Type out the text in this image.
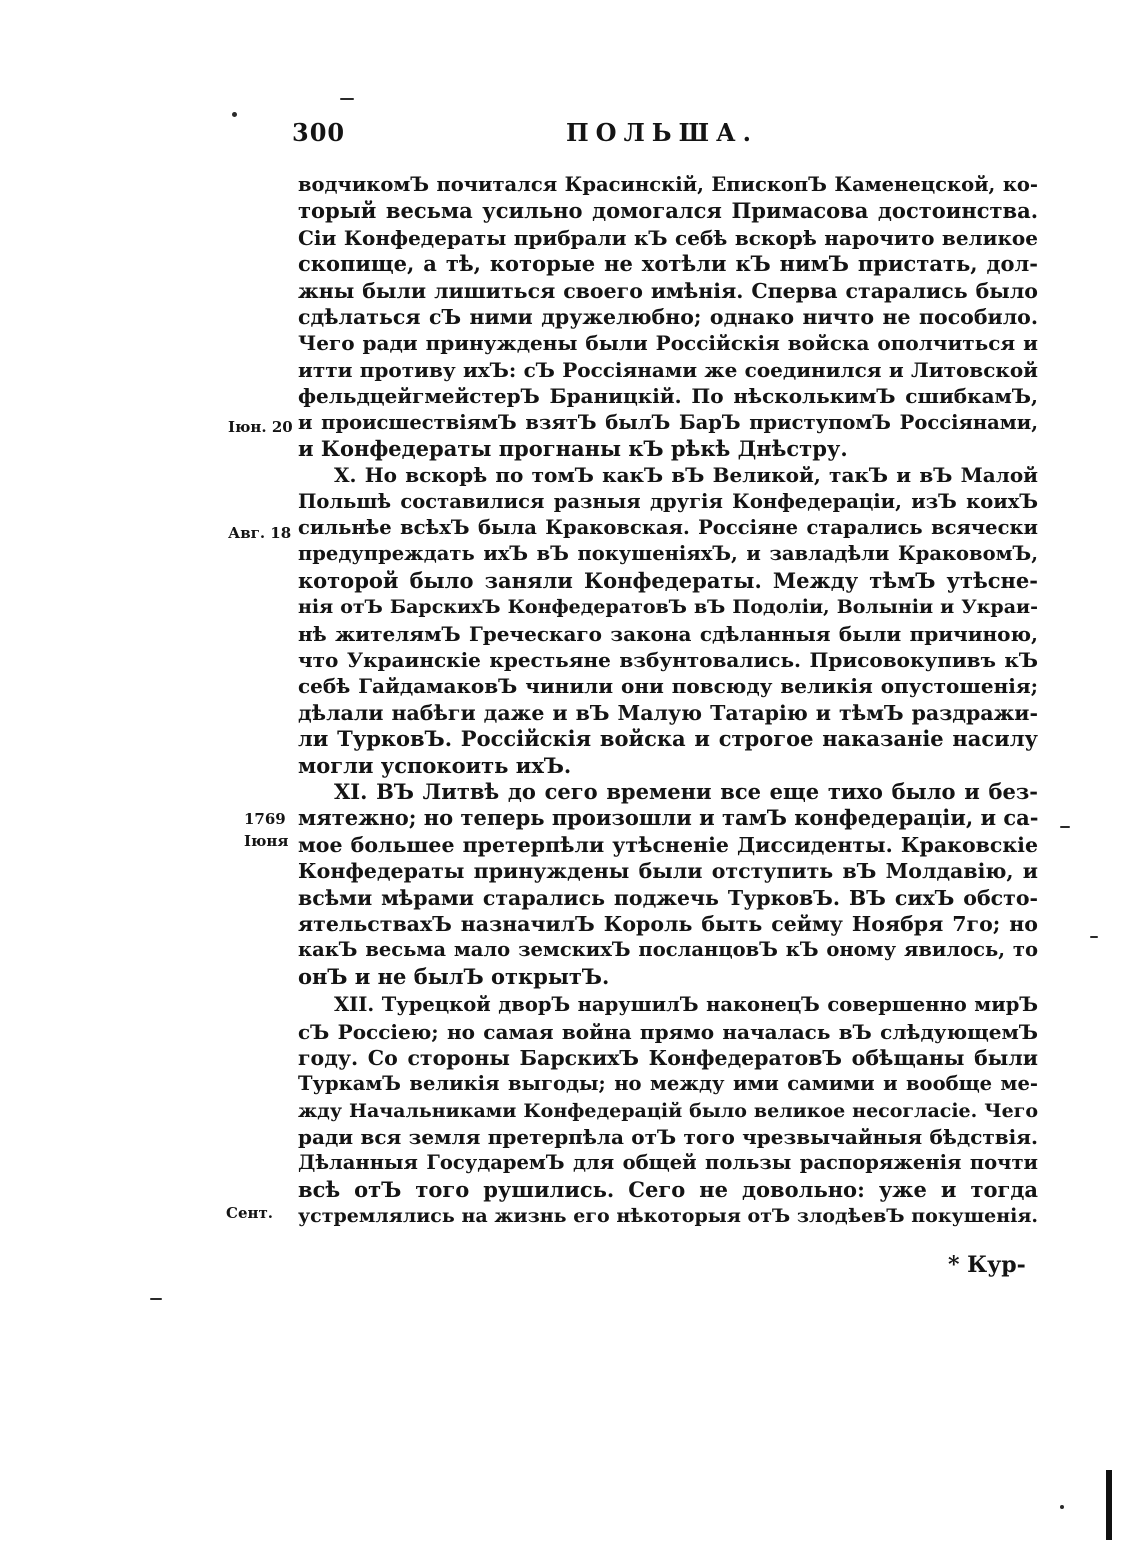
300	ПОЛЬША.
водчикомЪ почитался Красинскій, ЕпископЪ Каменецской, ко-
торый весьма усильно домогался Примасова достоинства.
Сіи Конфедераты прибрали кЪ себѣ вскорѣ нарочито великое
скопище, а тѣ, которые не хотѣли кЪ нимЪ пристать, дол-
жны были лишиться своего имѣнія. Сперва старались было
сдѣлаться сЪ ними дружелюбно; однако ничто не пособило.
Чего ради принуждены были Россійскія войска ополчиться и
итти противу ихЪ: сЪ Россіянами же соединился и Литовской
фельдцейгмейстерЪ Браницкій. По нѣсколькимЪ сшибкамЪ,
и происшествіямЪ взятЪ былЪ БарЪ приступомЪ Россіянами,
и Конфедераты прогнаны кЪ рѣкѣ Днѣстру.
X. Но вскорѣ по томЪ какЪ вЪ Великой, такЪ и вЪ Малой
Польшѣ составилися разныя другія Конфедераціи, изЪ коихЪ
сильнѣе всѣхЪ была Краковская. Россіяне старались всячески
предупреждать ихЪ вЪ покушеніяхЪ, и завладѣли КраковомЪ,
которой было заняли Конфедераты. Между тѣмЪ утѣсне-
нія отЪ БарскихЪ КонфедератовЪ вЪ Подоліи, Волыніи и Украи-
нѣ жителямЪ Греческаго закона сдѣланныя были причиною,
что Украинскіе крестьяне взбунтовались. Присовокупивъ кЪ
себѣ ГайдамаковЪ чинили они повсюду великія опустошенія;
дѣлали набѣги даже и вЪ Малую Татарію и тѣмЪ раздражи-
ли ТурковЪ. Россійскія войска и строгое наказаніе насилу
могли успокоить ихЪ.
XI. ВЪ Литвѣ до сего времени все еще тихо было и без-
мятежно; но теперь произошли и тамЪ конфедераціи, и са-
мое большее претерпѣли утѣсненіе Диссиденты. Краковскіе
Конфедераты принуждены были отступить вЪ Молдавію, и
всѣми мѣрами старались поджечь ТурковЪ. ВЪ сихЪ обсто-
ятельствахЪ назначилЪ Король быть сейму Ноября 7го; но
какЪ весьма мало земскихЪ посланцовЪ кЪ оному явилось, то
онЪ и не былЪ открытЪ.
XII. Турецкой дворЪ нарушилЪ наконецЪ совершенно мирЪ
сЪ Россіею; но самая война прямо началась вЪ слѣдующемЪ
году. Со стороны БарскихЪ КонфедератовЪ обѣщаны были
ТуркамЪ великія выгоды; но между ими самими и вообще ме-
жду Начальниками Конфедерацій было великое несогласіе. Чего
ради вся земля претерпѣла отЪ того чрезвычайныя бѣдствія.
Дѣланныя ГосударемЪ для общей пользы распоряженія почти
всѣ отЪ того рушились. Сего не довольно: уже и тогда
устремлялись на жизнь его нѣкоторыя отЪ злодѣевЪ покушенія.
Іюн. 20
Авг. 18
1769
Іюня
Сент.
* Кур-
